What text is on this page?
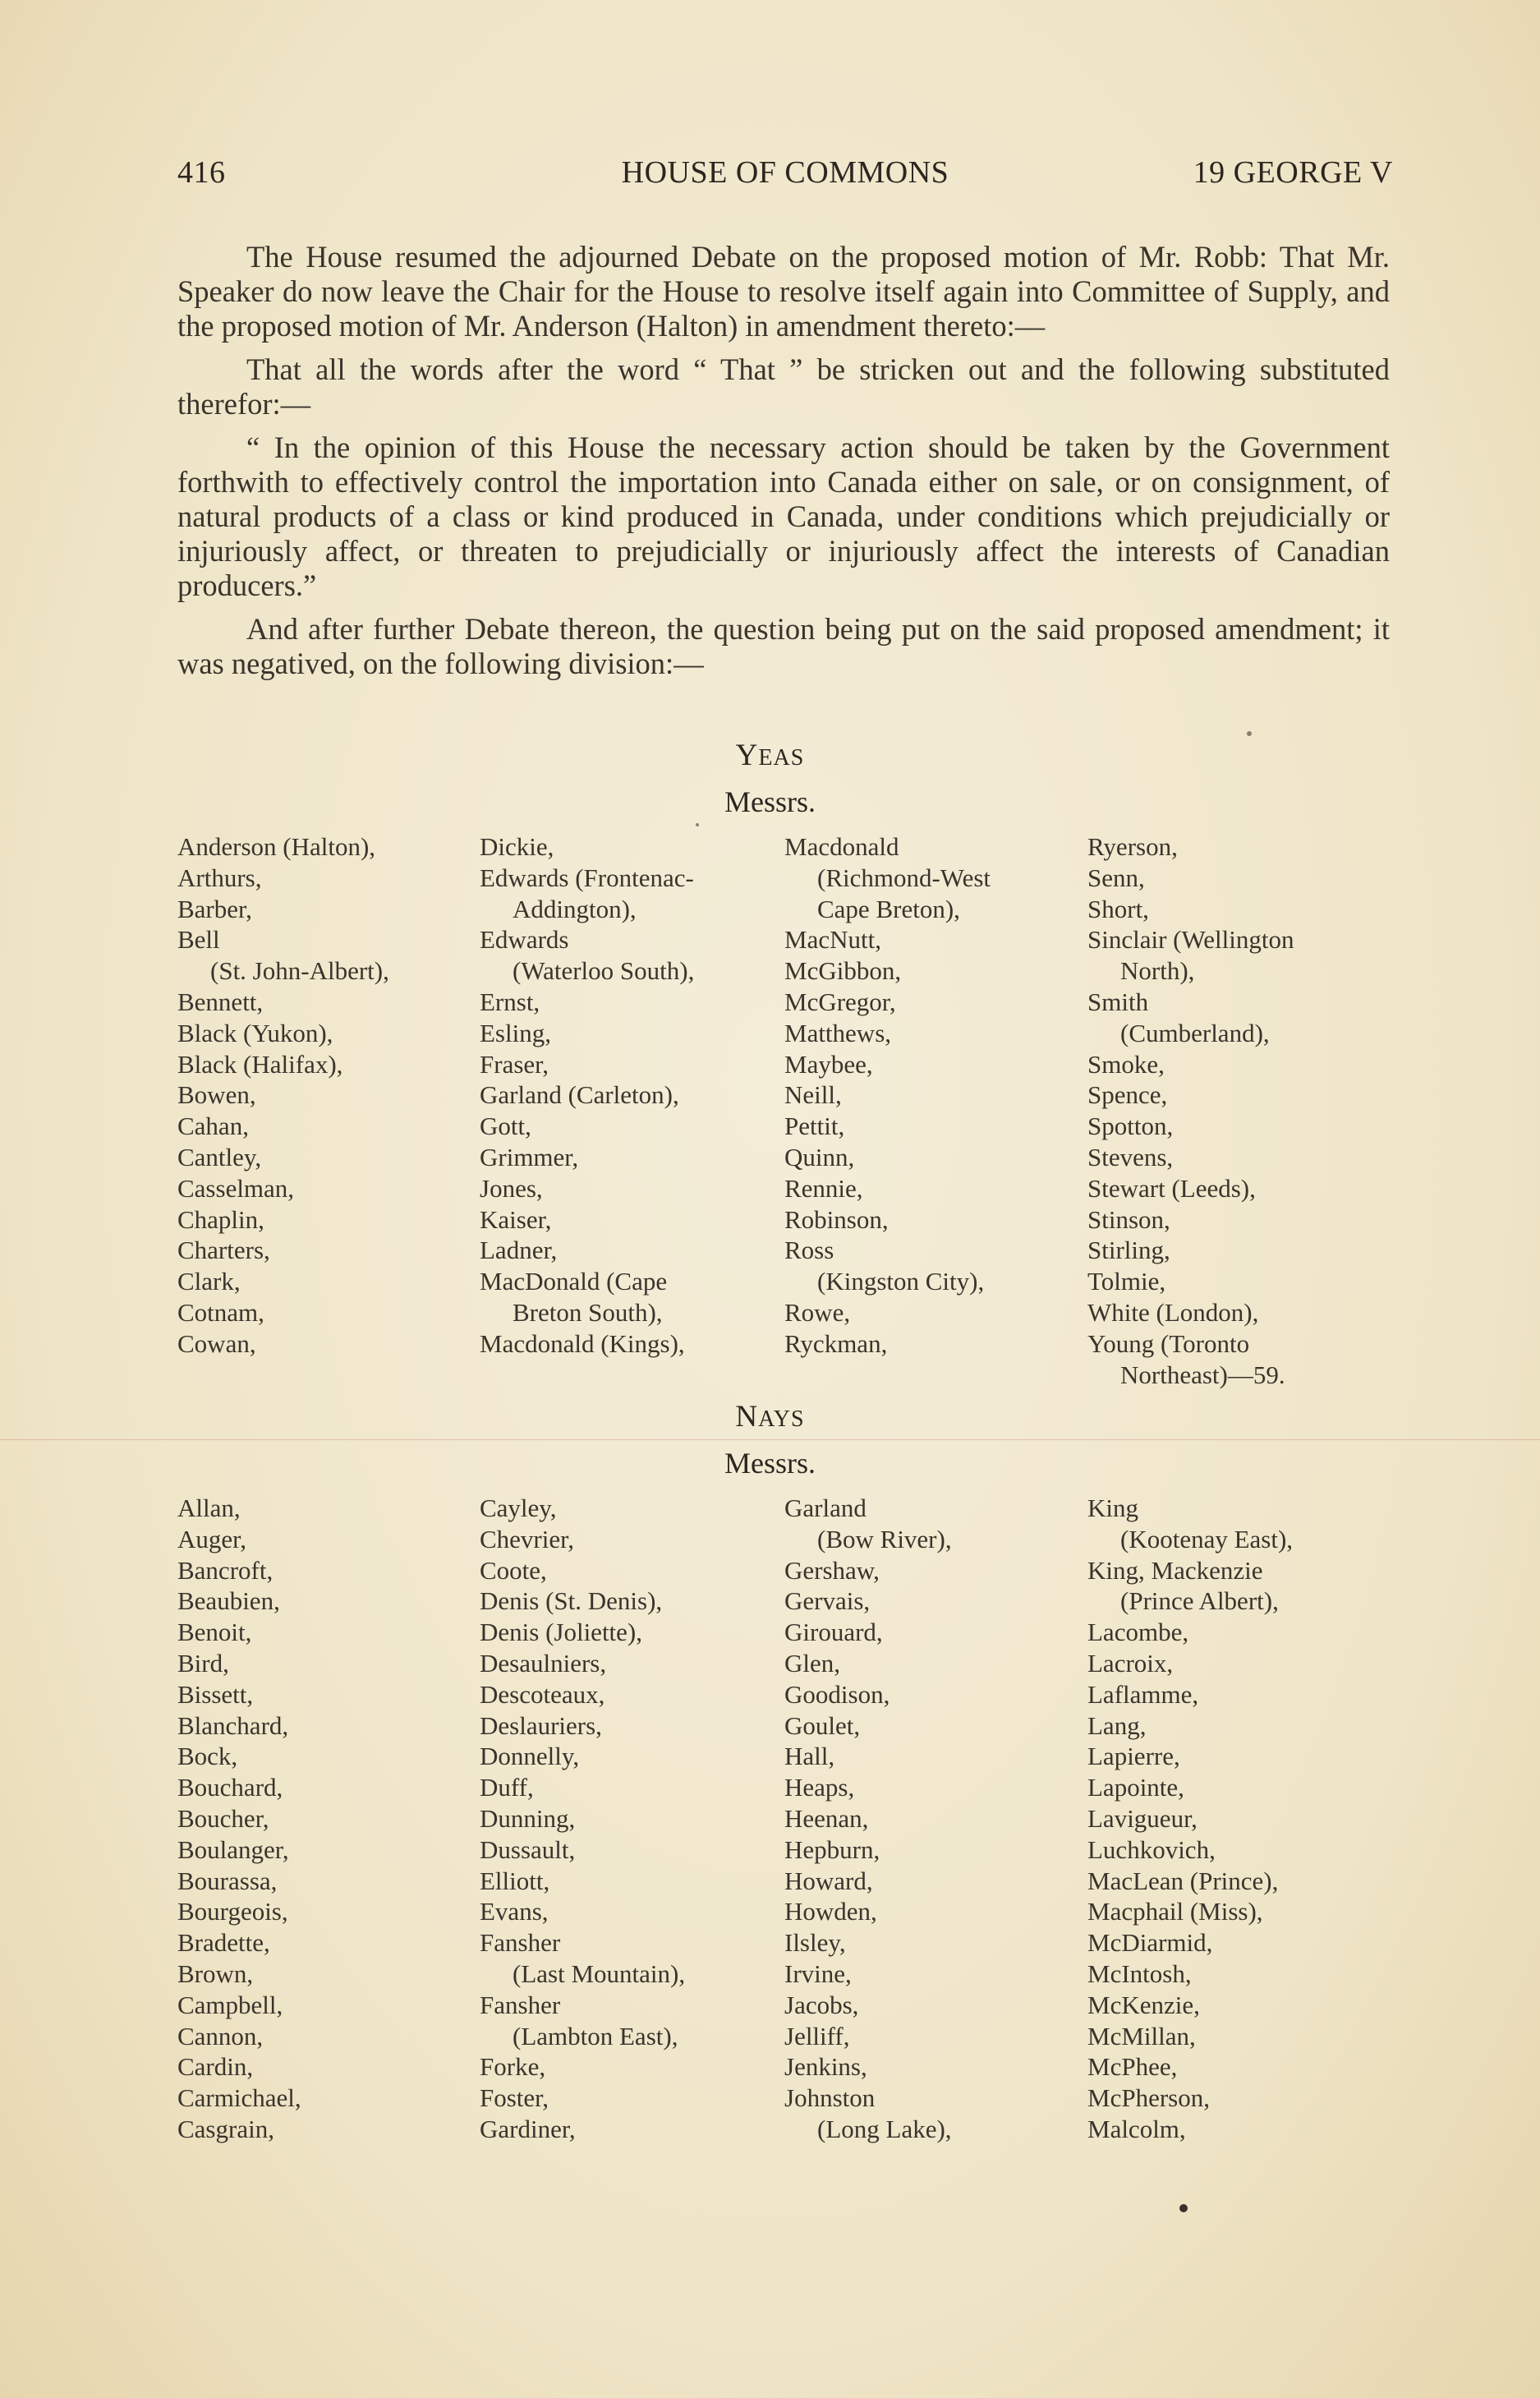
416	HOUSE OF COMMONS	19 GEORGE V

The House resumed the adjourned Debate on the proposed motion of Mr. Robb: That Mr. Speaker do now leave the Chair for the House to resolve itself again into Committee of Supply, and the proposed motion of Mr. Anderson (Halton) in amendment thereto:—

That all the words after the word “ That ” be stricken out and the following substituted therefor:—

“ In the opinion of this House the necessary action should be taken by the Government forthwith to effectively control the importation into Canada either on sale, or on consignment, of natural products of a class or kind produced in Canada, under conditions which prejudicially or injuriously affect, or threaten to prejudicially or injuriously affect the interests of Canadian producers.”

And after further Debate thereon, the question being put on the said proposed amendment; it was negatived, on the following division:—

YEAS
Messrs.
Anderson (Halton),
Arthurs,
Barber,
Bell
(St. John-Albert),
Bennett,
Black (Yukon),
Black (Halifax),
Bowen,
Cahan,
Cantley,
Casselman,
Chaplin,
Charters,
Clark,
Cotnam,
Cowan,
Dickie,
Edwards (Frontenac-
Addington),
Edwards
(Waterloo South),
Ernst,
Esling,
Fraser,
Garland (Carleton),
Gott,
Grimmer,
Jones,
Kaiser,
Ladner,
MacDonald (Cape
Breton South),
Macdonald (Kings),
Macdonald
(Richmond-West
Cape Breton),
MacNutt,
McGibbon,
McGregor,
Matthews,
Maybee,
Neill,
Pettit,
Quinn,
Rennie,
Robinson,
Ross
(Kingston City),
Rowe,
Ryckman,
Ryerson,
Senn,
Short,
Sinclair (Wellington
North),
Smith
(Cumberland),
Smoke,
Spence,
Spotton,
Stevens,
Stewart (Leeds),
Stinson,
Stirling,
Tolmie,
White (London),
Young (Toronto
Northeast)—59.
NAYS
Messrs.
Allan,
Auger,
Bancroft,
Beaubien,
Benoit,
Bird,
Bissett,
Blanchard,
Bock,
Bouchard,
Boucher,
Boulanger,
Bourassa,
Bourgeois,
Bradette,
Brown,
Campbell,
Cannon,
Cardin,
Carmichael,
Casgrain,
Cayley,
Chevrier,
Coote,
Denis (St. Denis),
Denis (Joliette),
Desaulniers,
Descoteaux,
Deslauriers,
Donnelly,
Duff,
Dunning,
Dussault,
Elliott,
Evans,
Fansher
(Last Mountain),
Fansher
(Lambton East),
Forke,
Foster,
Gardiner,
Garland
(Bow River),
Gershaw,
Gervais,
Girouard,
Glen,
Goodison,
Goulet,
Hall,
Heaps,
Heenan,
Hepburn,
Howard,
Howden,
Ilsley,
Irvine,
Jacobs,
Jelliff,
Jenkins,
Johnston
(Long Lake),
King
(Kootenay East),
King, Mackenzie
(Prince Albert),
Lacombe,
Lacroix,
Laflamme,
Lang,
Lapierre,
Lapointe,
Lavigueur,
Luchkovich,
MacLean (Prince),
Macphail (Miss),
McDiarmid,
McIntosh,
McKenzie,
McMillan,
McPhee,
McPherson,
Malcolm,
